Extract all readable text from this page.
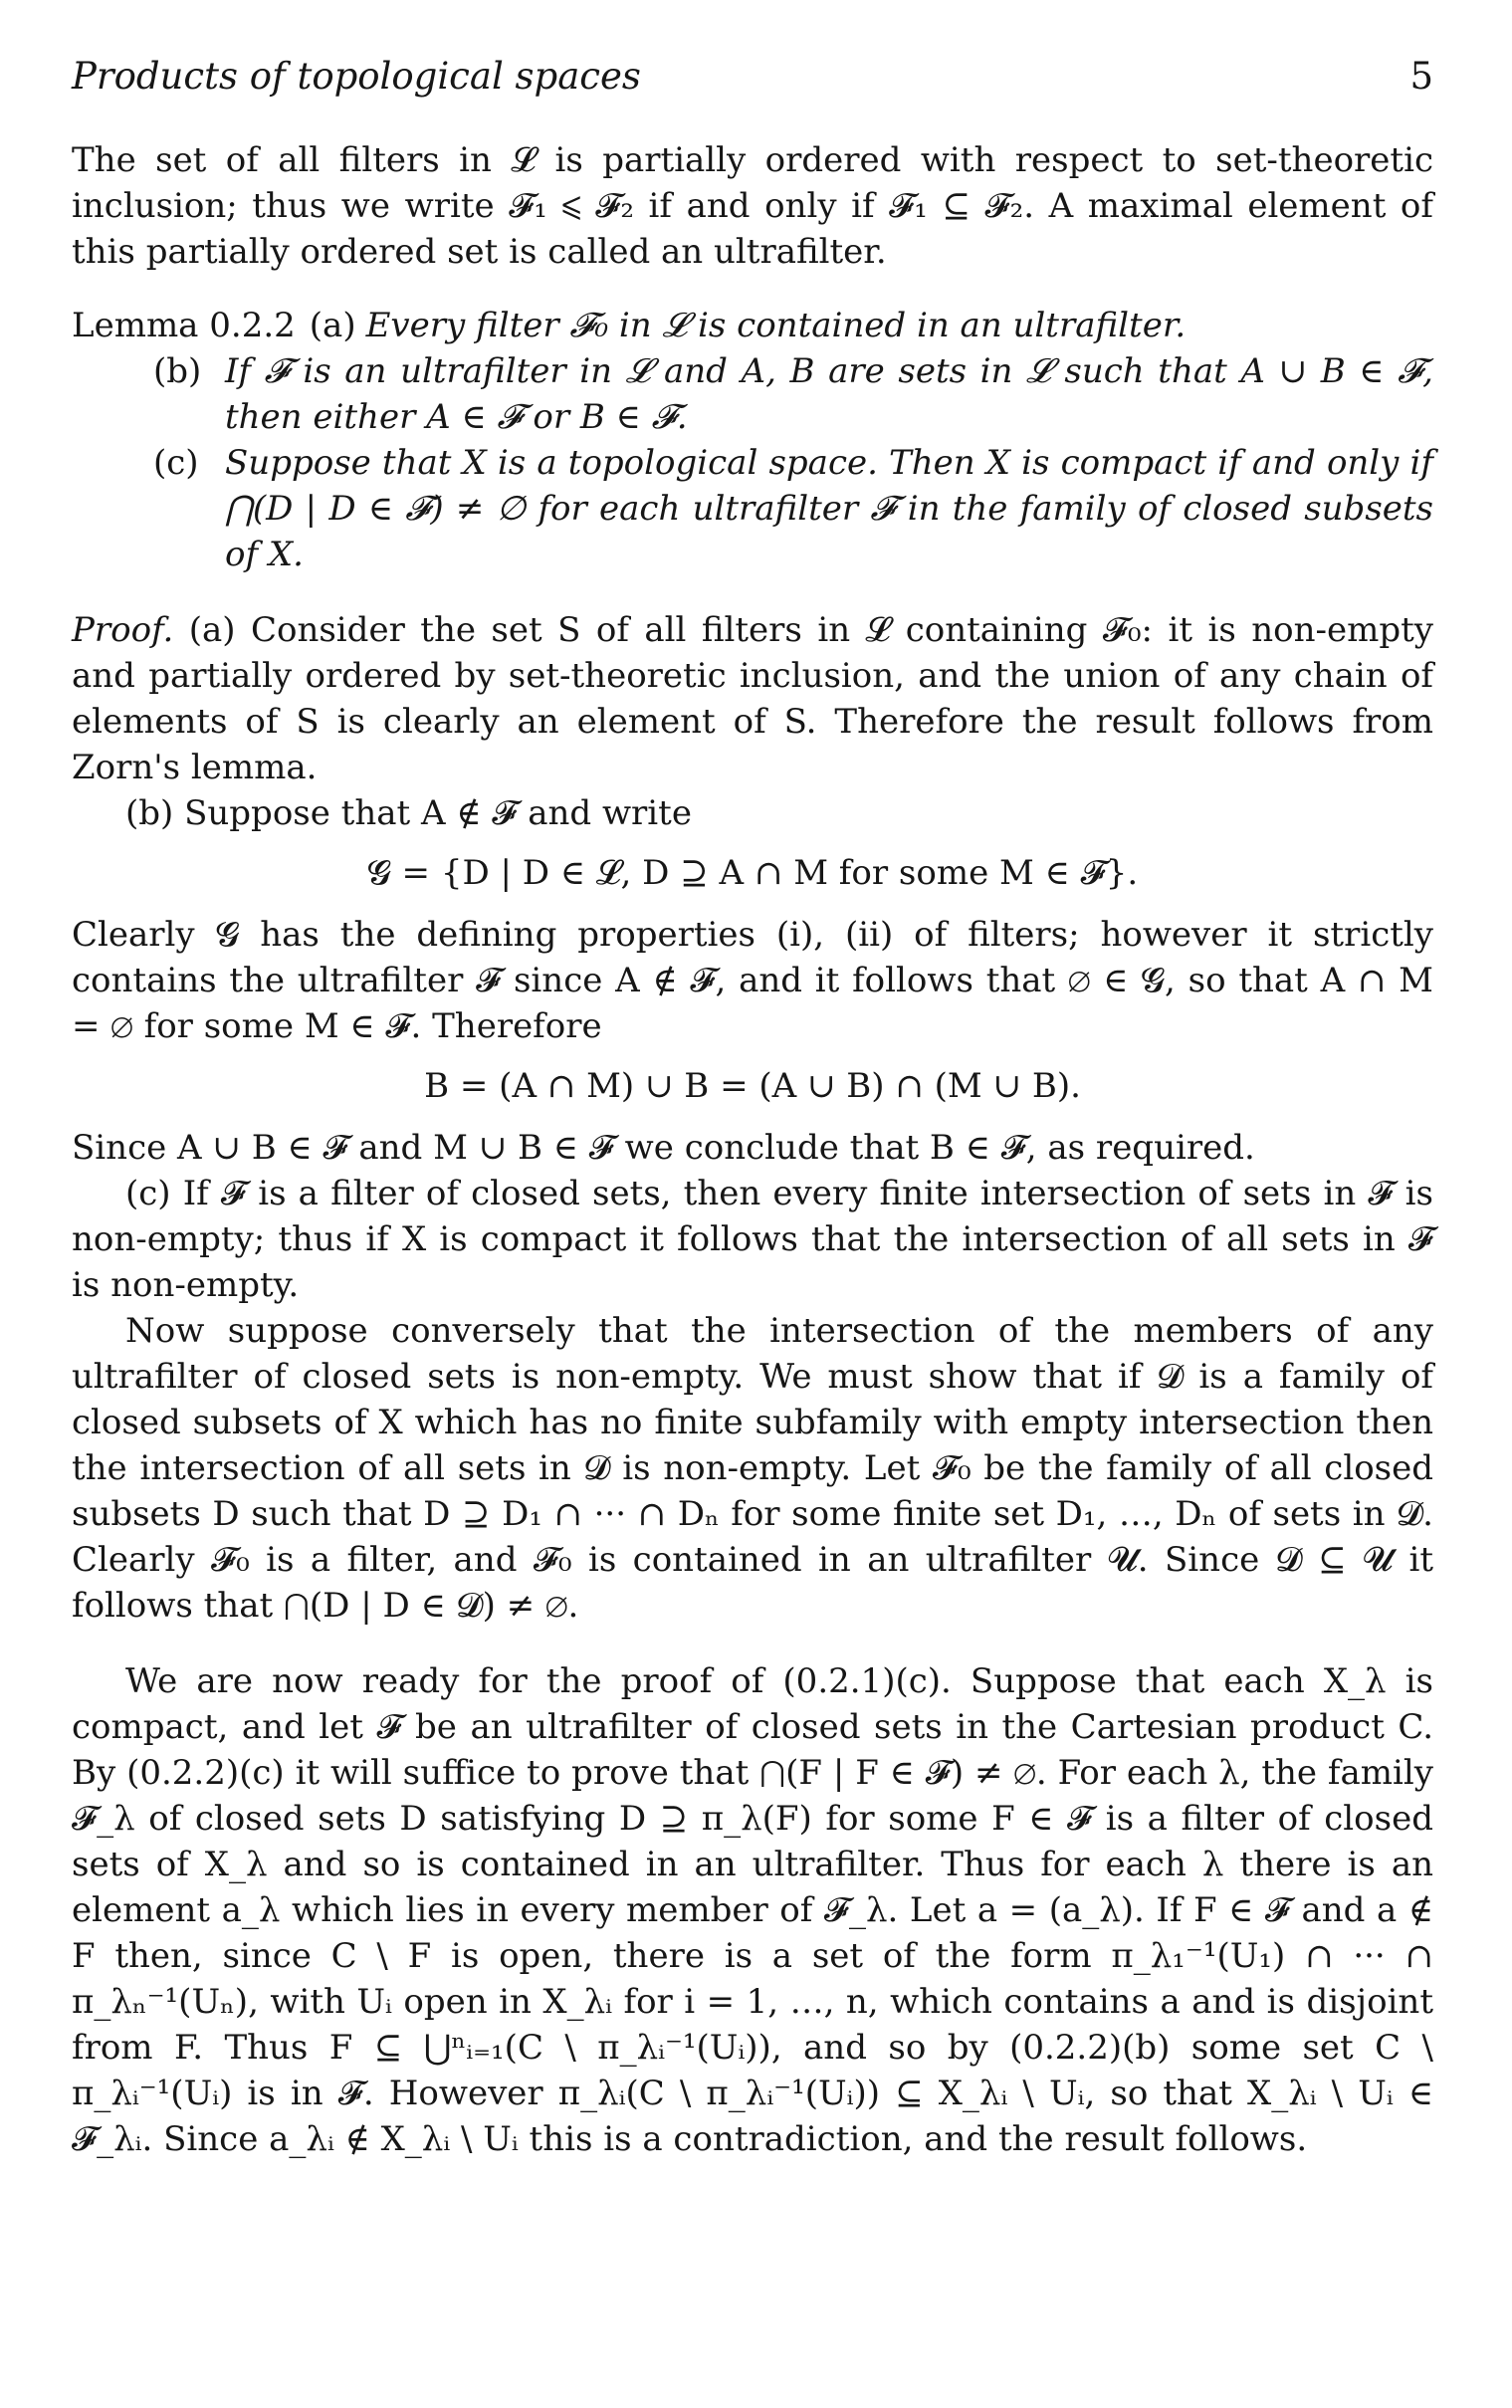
Products of topological spaces	5

The set of all filters in 𝓛 is partially ordered with respect to set-theoretic inclusion; thus we write 𝓕₁ ⩽ 𝓕₂ if and only if 𝓕₁ ⊆ 𝓕₂. A maximal element of this partially ordered set is called an ultrafilter.

Lemma 0.2.2 (a) Every filter 𝓕₀ in 𝓛 is contained in an ultrafilter.
(b) If 𝓕 is an ultrafilter in 𝓛 and A, B are sets in 𝓛 such that A ∪ B ∈ 𝓕, then either A ∈ 𝓕 or B ∈ 𝓕.
(c) Suppose that X is a topological space. Then X is compact if and only if ⋂(D | D ∈ 𝓕) ≠ ∅ for each ultrafilter 𝓕 in the family of closed subsets of X.

Proof. (a) Consider the set S of all filters in 𝓛 containing 𝓕₀: it is non-empty and partially ordered by set-theoretic inclusion, and the union of any chain of elements of S is clearly an element of S. Therefore the result follows from Zorn's lemma.

(b) Suppose that A ∉ 𝓕 and write

𝓖 = {D | D ∈ 𝓛, D ⊇ A ∩ M for some M ∈ 𝓕}.

Clearly 𝓖 has the defining properties (i), (ii) of filters; however it strictly contains the ultrafilter 𝓕 since A ∉ 𝓕, and it follows that ∅ ∈ 𝓖, so that A ∩ M = ∅ for some M ∈ 𝓕. Therefore

B = (A ∩ M) ∪ B = (A ∪ B) ∩ (M ∪ B).

Since A ∪ B ∈ 𝓕 and M ∪ B ∈ 𝓕 we conclude that B ∈ 𝓕, as required.

(c) If 𝓕 is a filter of closed sets, then every finite intersection of sets in 𝓕 is non-empty; thus if X is compact it follows that the intersection of all sets in 𝓕 is non-empty.

Now suppose conversely that the intersection of the members of any ultrafilter of closed sets is non-empty. We must show that if 𝓓 is a family of closed subsets of X which has no finite subfamily with empty intersection then the intersection of all sets in 𝓓 is non-empty. Let 𝓕₀ be the family of all closed subsets D such that D ⊇ D₁ ∩ ··· ∩ Dₙ for some finite set D₁, …, Dₙ of sets in 𝓓. Clearly 𝓕₀ is a filter, and 𝓕₀ is contained in an ultrafilter 𝓤. Since 𝓓 ⊆ 𝓤 it follows that ⋂(D | D ∈ 𝓓) ≠ ∅.

We are now ready for the proof of (0.2.1)(c). Suppose that each X_λ is compact, and let 𝓕 be an ultrafilter of closed sets in the Cartesian product C. By (0.2.2)(c) it will suffice to prove that ⋂(F | F ∈ 𝓕) ≠ ∅. For each λ, the family 𝓕_λ of closed sets D satisfying D ⊇ π_λ(F) for some F ∈ 𝓕 is a filter of closed sets of X_λ and so is contained in an ultrafilter. Thus for each λ there is an element a_λ which lies in every member of 𝓕_λ. Let a = (a_λ). If F ∈ 𝓕 and a ∉ F then, since C \ F is open, there is a set of the form π_λ₁⁻¹(U₁) ∩ ··· ∩ π_λₙ⁻¹(Uₙ), with Uᵢ open in X_λᵢ for i = 1, …, n, which contains a and is disjoint from F. Thus F ⊆ ⋃ⁿᵢ₌₁(C \ π_λᵢ⁻¹(Uᵢ)), and so by (0.2.2)(b) some set C \ π_λᵢ⁻¹(Uᵢ) is in 𝓕. However π_λᵢ(C \ π_λᵢ⁻¹(Uᵢ)) ⊆ X_λᵢ \ Uᵢ, so that X_λᵢ \ Uᵢ ∈ 𝓕_λᵢ. Since a_λᵢ ∉ X_λᵢ \ Uᵢ this is a contradiction, and the result follows.
